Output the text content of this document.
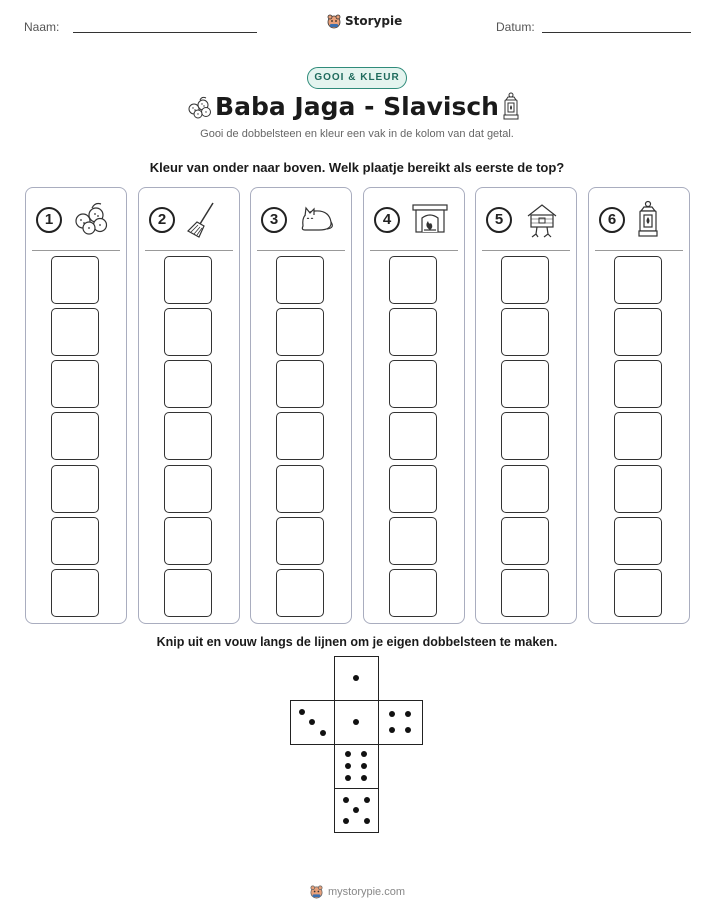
Naam:	Storypie	Datum:
GOOI & KLEUR
Baba Jaga - Slavisch
Gooi de dobbelsteen en kleur een vak in de kolom van dat getal.
Kleur van onder naar boven. Welk plaatje bereikt als eerste de top?
1	2	3	4	5	6
Knip uit en vouw langs de lijnen om je eigen dobbelsteen te maken.
mystorypie.com
